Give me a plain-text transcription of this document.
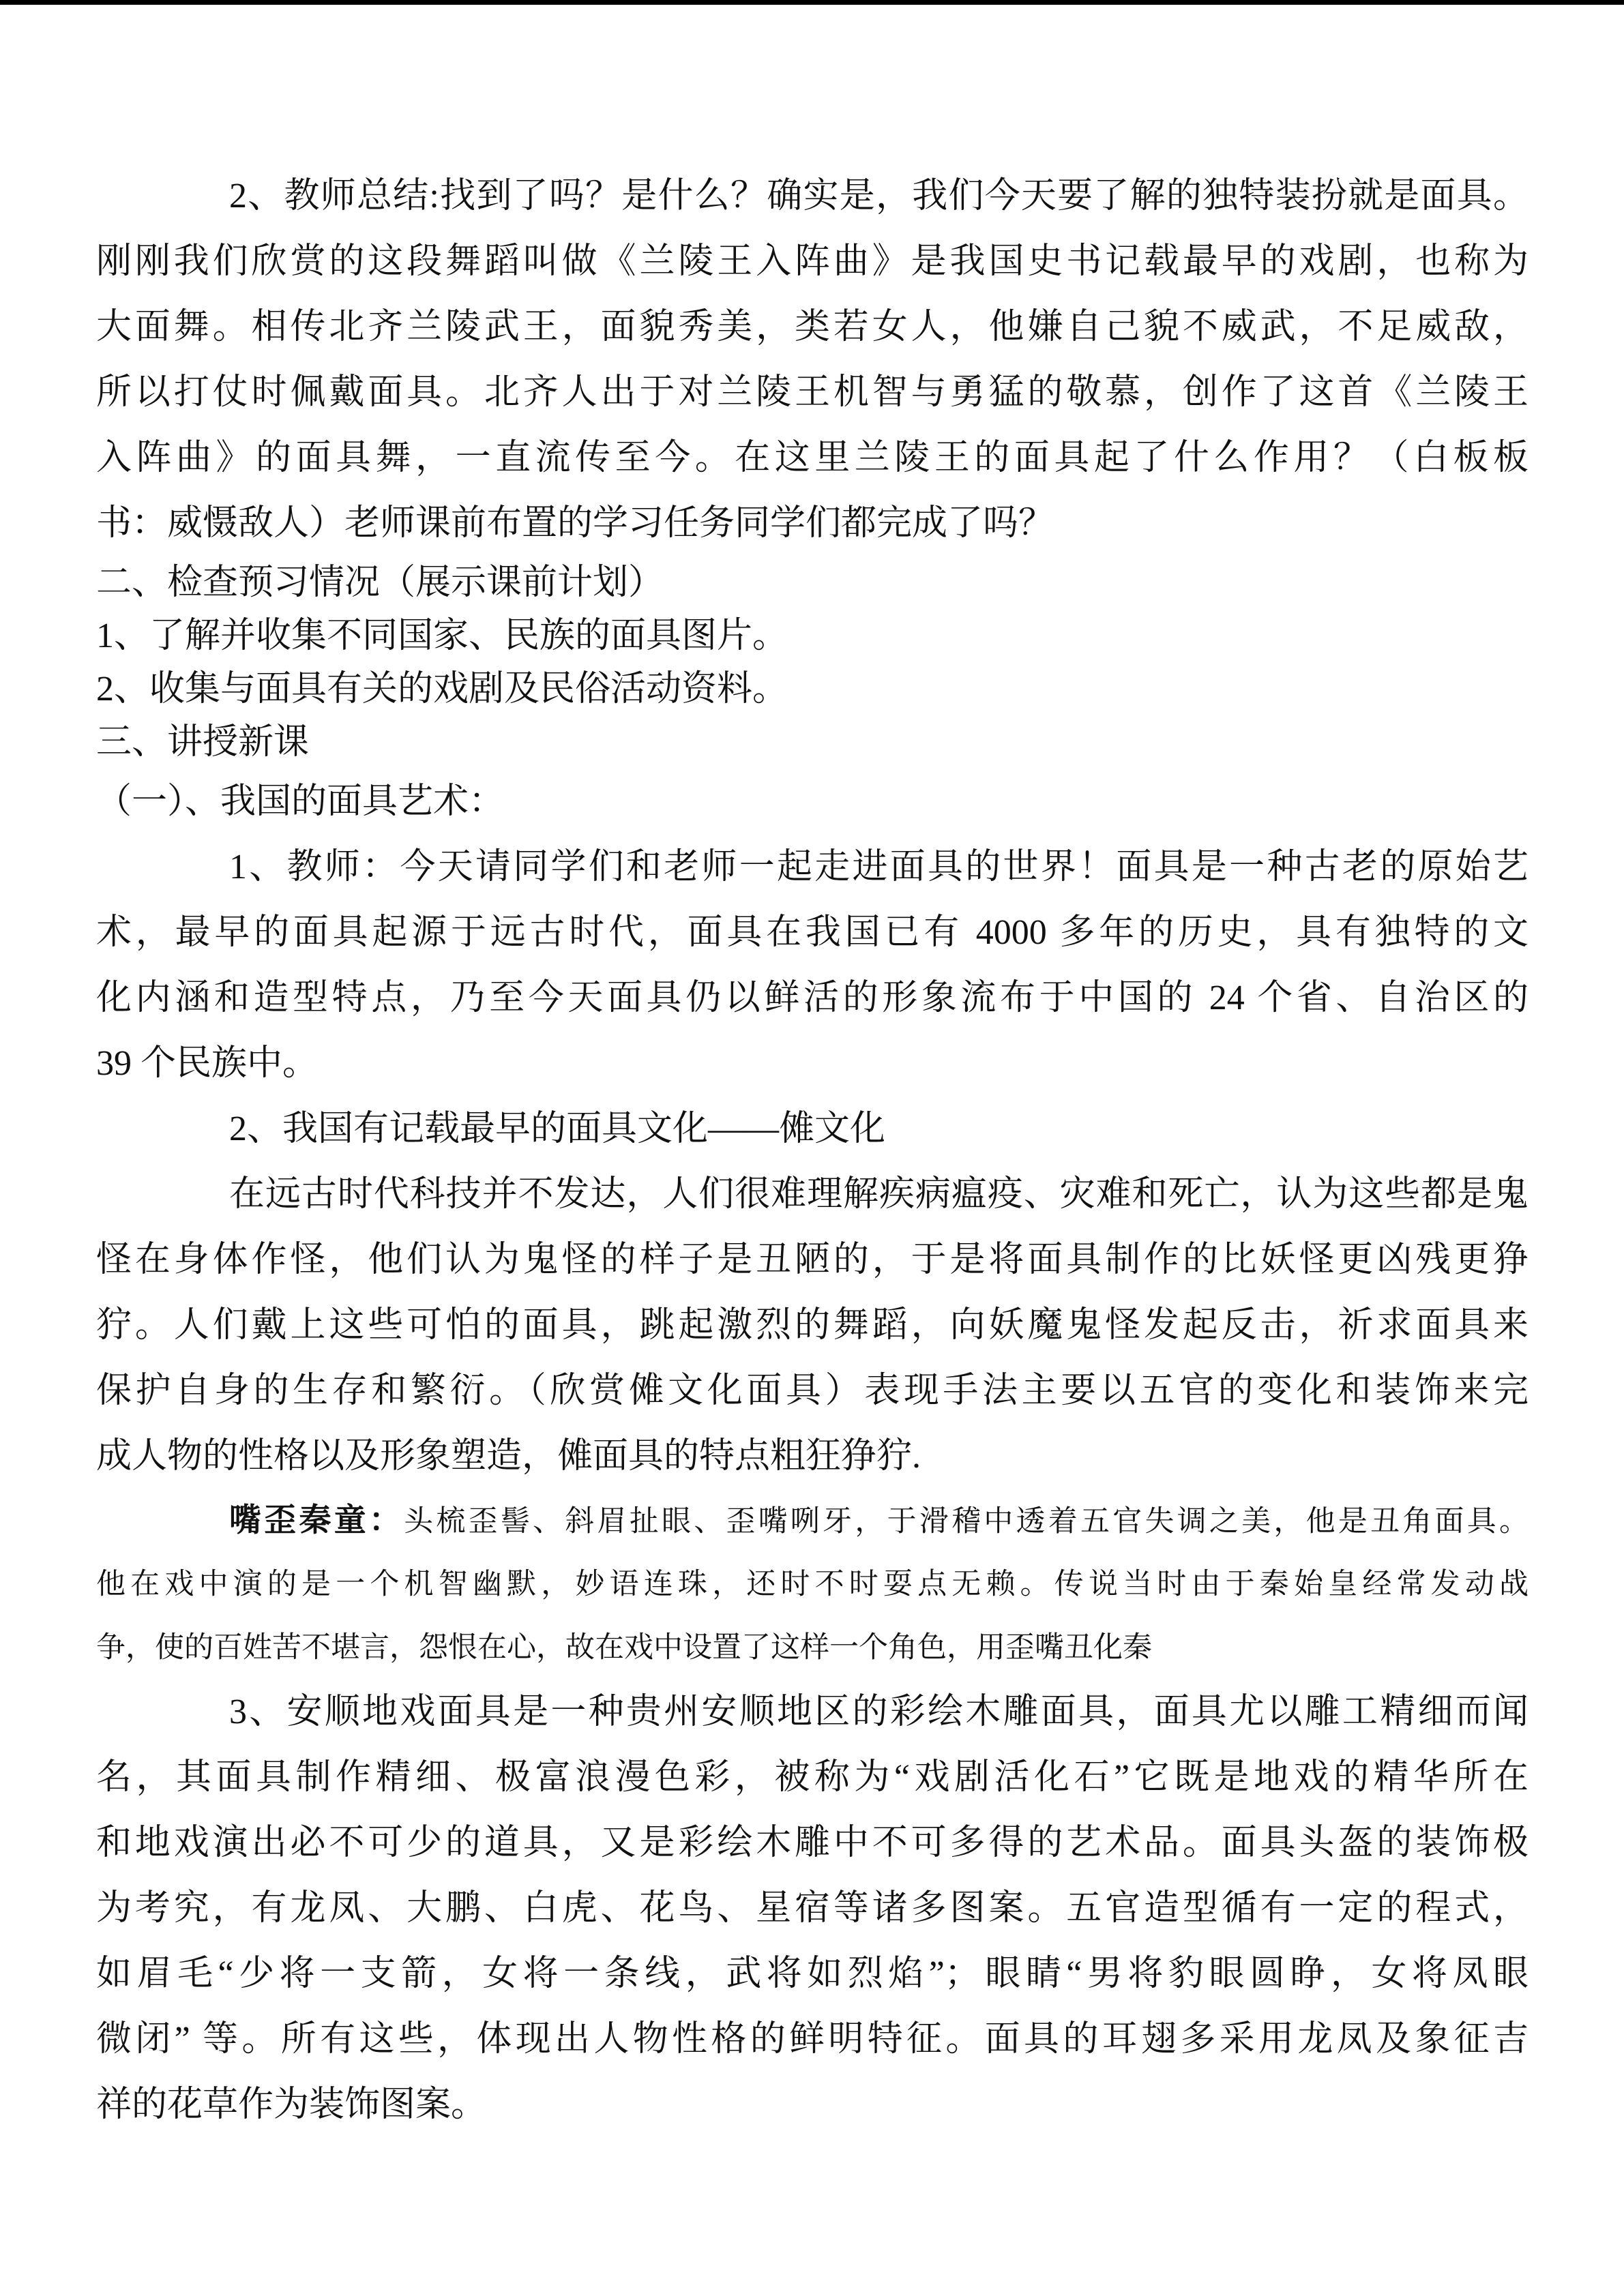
2、教师总结:找到了吗？是什么？确实是，我们今天要了解的独特装扮就是面具。
刚刚我们欣赏的这段舞蹈叫做《兰陵王入阵曲》是我国史书记载最早的戏剧，也称为
大面舞。相传北齐兰陵武王，面貌秀美，类若女人，他嫌自己貌不威武，不足威敌，
所以打仗时佩戴面具。北齐人出于对兰陵王机智与勇猛的敬慕，创作了这首《兰陵王
入阵曲》的面具舞，一直流传至今。在这里兰陵王的面具起了什么作用？（白板板
书：威慑敌人）老师课前布置的学习任务同学们都完成了吗？
二、检查预习情况（展示课前计划）
1、了解并收集不同国家、民族的面具图片。
2、收集与面具有关的戏剧及民俗活动资料。
三、讲授新课
（一）、我国的面具艺术：
1、教师：今天请同学们和老师一起走进面具的世界！面具是一种古老的原始艺
术，最早的面具起源于远古时代，面具在我国已有 4000 多年的历史，具有独特的文
化内涵和造型特点，乃至今天面具仍以鲜活的形象流布于中国的 24 个省、自治区的
39 个民族中。
2、我国有记载最早的面具文化——傩文化
在远古时代科技并不发达，人们很难理解疾病瘟疫、灾难和死亡，认为这些都是鬼
怪在身体作怪，他们认为鬼怪的样子是丑陋的，于是将面具制作的比妖怪更凶残更狰
狞。人们戴上这些可怕的面具，跳起激烈的舞蹈，向妖魔鬼怪发起反击，祈求面具来
保护自身的生存和繁衍。（欣赏傩文化面具）表现手法主要以五官的变化和装饰来完
成人物的性格以及形象塑造，傩面具的特点粗狂狰狞.
嘴歪秦童：头梳歪髻、斜眉扯眼、歪嘴咧牙，于滑稽中透着五官失调之美，他是丑角面具。
他在戏中演的是一个机智幽默，妙语连珠，还时不时耍点无赖。传说当时由于秦始皇经常发动战
争，使的百姓苦不堪言，怨恨在心，故在戏中设置了这样一个角色，用歪嘴丑化秦
3、安顺地戏面具是一种贵州安顺地区的彩绘木雕面具，面具尤以雕工精细而闻
名，其面具制作精细、极富浪漫色彩，被称为“戏剧活化石”它既是地戏的精华所在
和地戏演出必不可少的道具，又是彩绘木雕中不可多得的艺术品。面具头盔的装饰极
为考究，有龙凤、大鹏、白虎、花鸟、星宿等诸多图案。五官造型循有一定的程式，
如眉毛“少将一支箭，女将一条线，武将如烈焰”；眼睛“男将豹眼圆睁，女将凤眼
微闭” 等。所有这些，体现出人物性格的鲜明特征。面具的耳翅多采用龙凤及象征吉
祥的花草作为装饰图案。
